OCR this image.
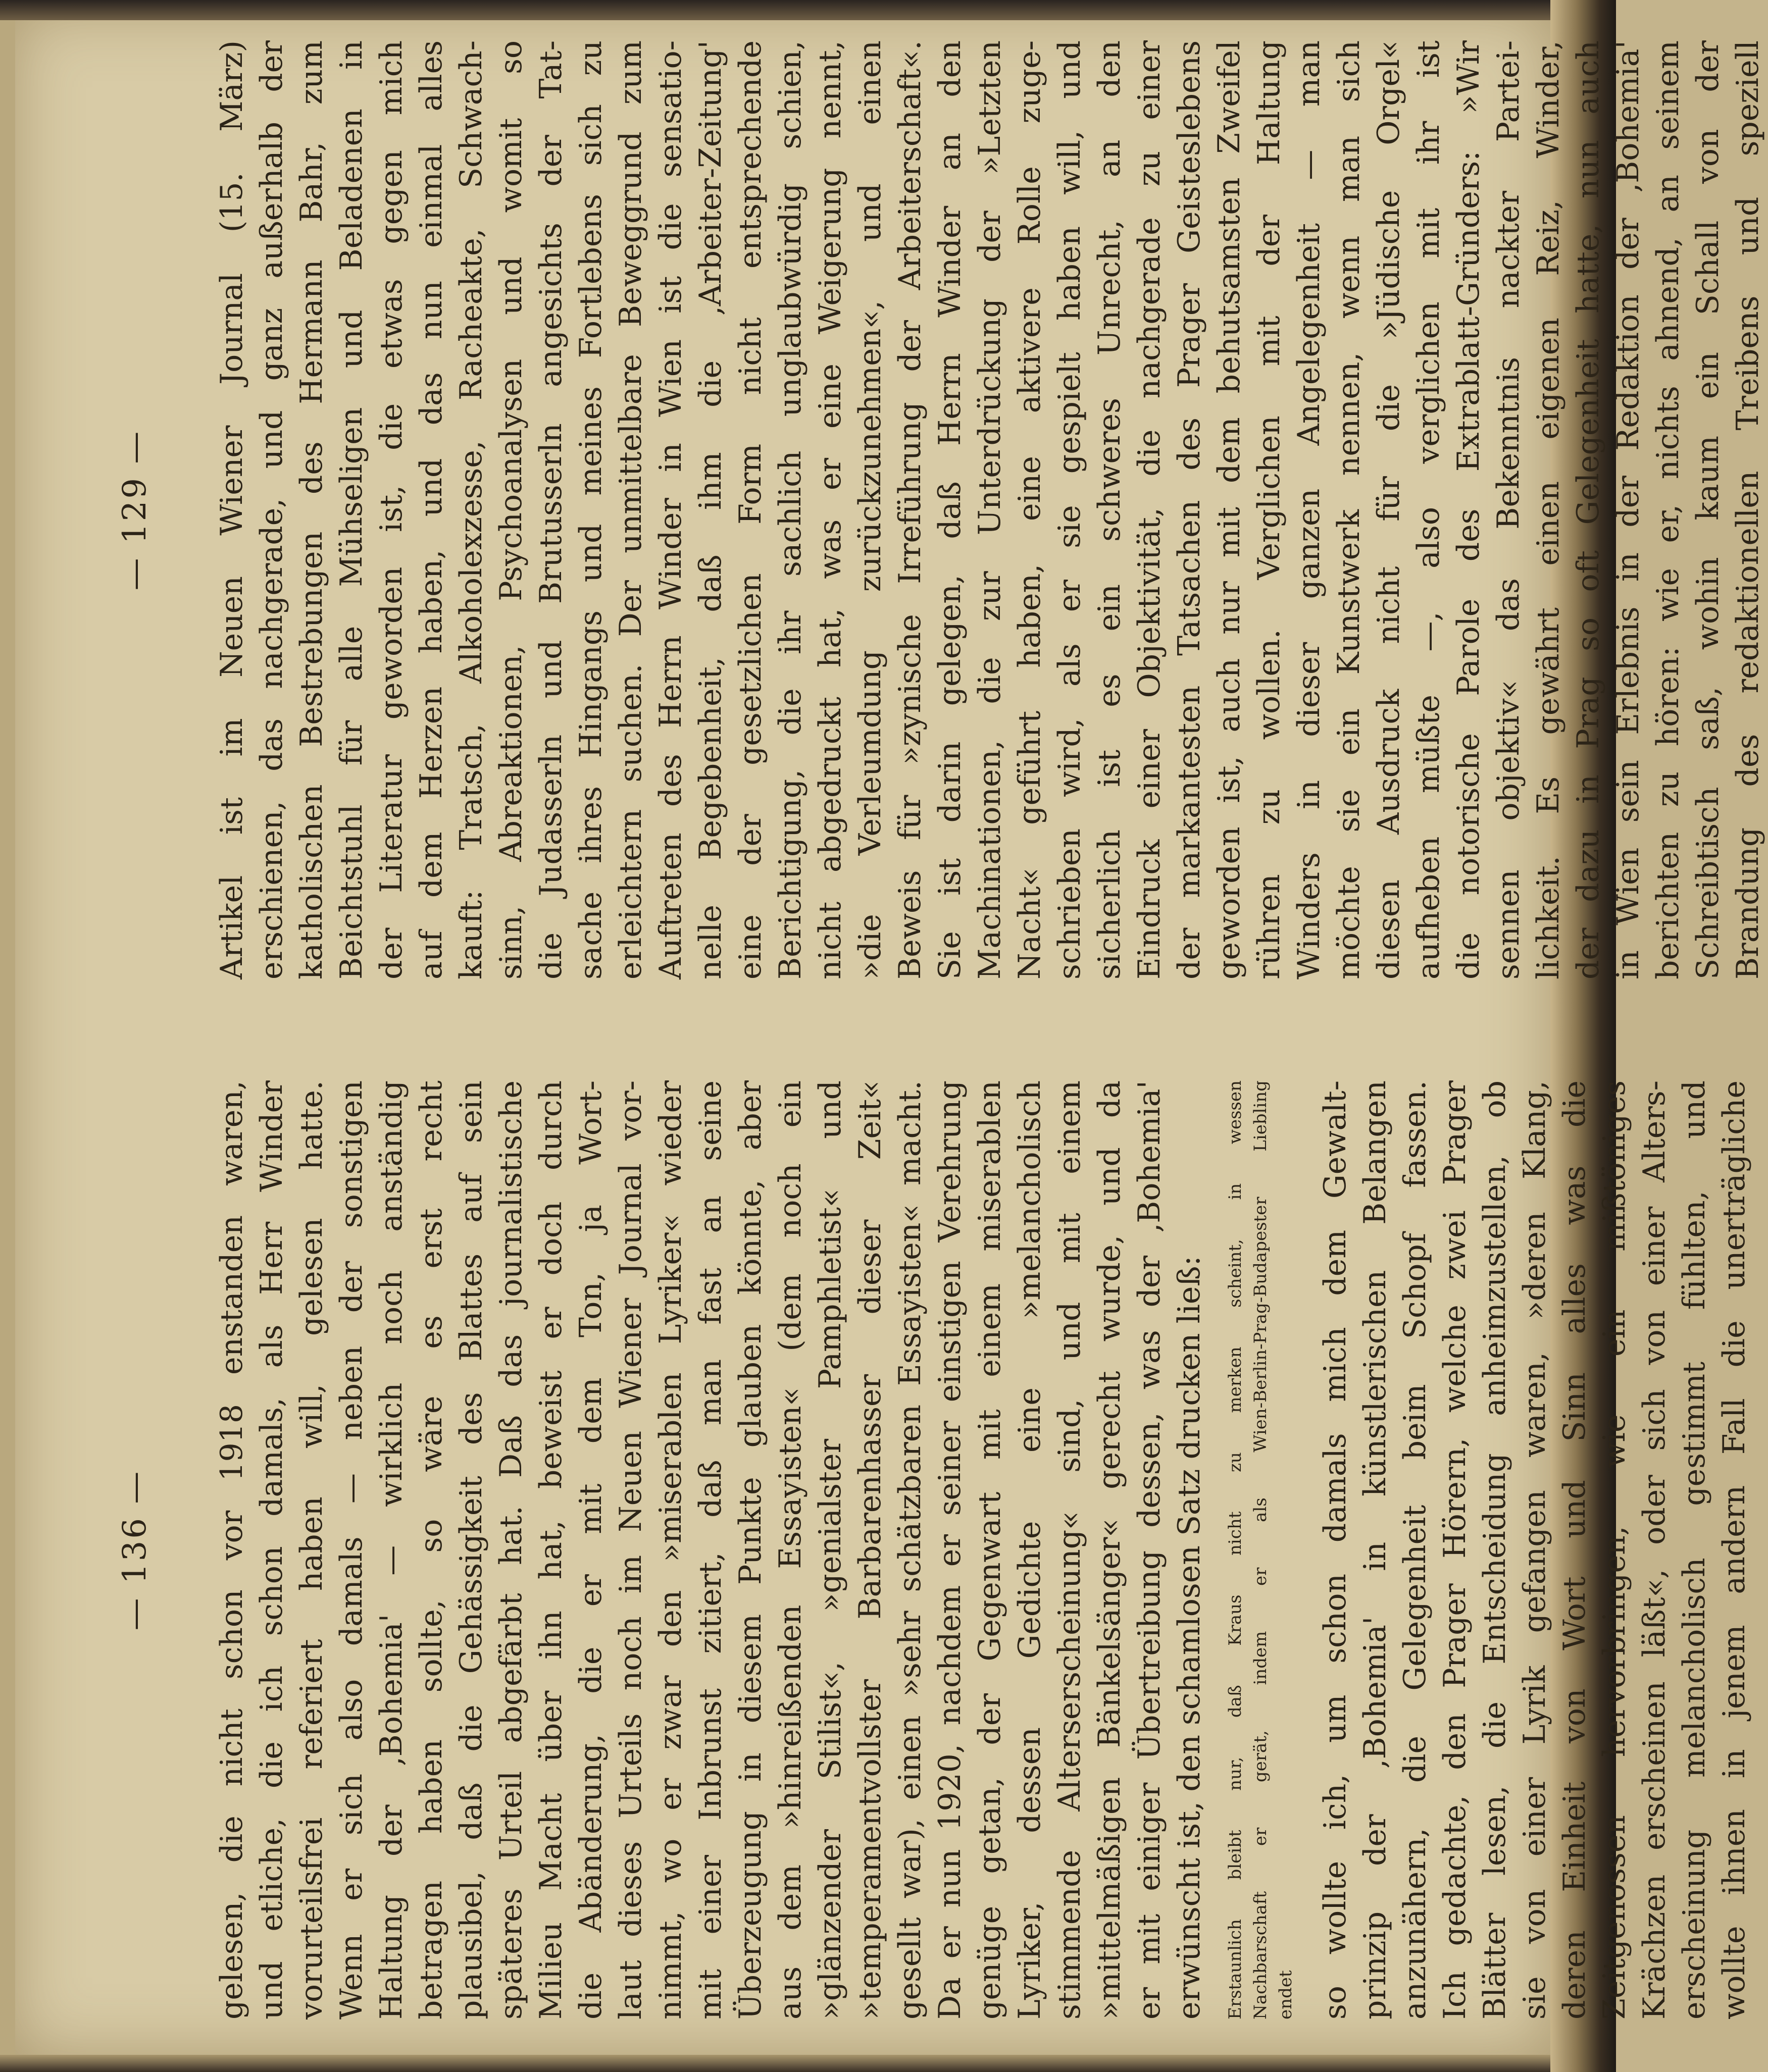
— 136 — gelesen, die nicht schon vor 1918 enstanden waren, und etliche, die ich schon damals, als Herr Winder vorurteilsfrei referiert haben will, gelesen hatte. Wenn er sich also damals — neben der sonstigen Haltung der ‚Bohemia' — wirklich noch anständig betragen haben sollte, so wäre es erst recht plausibel, daß die Gehässigkeit des Blattes auf sein späteres Urteil abgefärbt hat. Daß das journalistische Milieu Macht über ihn hat, beweist er doch durch die Abänderung, die er mit dem Ton, ja Wort- laut dieses Urteils noch im Neuen Wiener Journal vor- nimmt, wo er zwar den »miserablen Lyriker« wieder mit einer Inbrunst zitiert, daß man fast an seine Überzeugung in diesem Punkte glauben könnte, aber aus dem »hinreißenden Essayisten« (dem noch ein »glänzender Stilist«, »genialster Pamphletist« und »temperamentvollster Barbarenhasser dieser Zeit« gesellt war), einen »sehr schätzbaren Essayisten« macht. Da er nun 1920, nachdem er seiner einstigen Verehrung genüge getan, der Gegenwart mit einem miserablen Lyriker, dessen Gedichte eine »melancholisch stimmende Alterserscheinung« sind, und mit einem »mittelmäßigen Bänkelsänger« gerecht wurde, und da er mit einiger Übertreibung dessen, was der ‚Bohemia' erwünscht ist, den schamlosen Satz drucken ließ: Erstaunlich bleibt nur, daß Kraus nicht zu merken scheint, in wessen Nachbarschaft er gerät, indem er als Wien-Berlin-Prag-Budapester Liebling endet so wollte ich, um schon damals mich dem Gewalt- prinzip der ‚Bohemia' in künstlerischen Belangen anzunähern, die Gelegenheit beim Schopf fassen. Ich gedachte, den Prager Hörern, welche zwei Prager Blätter lesen, die Entscheidung anheimzustellen, ob sie von einer Lyrik gefangen waren, »deren Klang, deren Einheit von Wort und Sinn alles was die Zeitgenossen hervorbringen, wie ein mißtöniges Krächzen erscheinen läßt«, oder sich von einer Alters- erscheinung melancholisch gestimmt fühlten, und wollte ihnen in jenem andern Fall die unerträgliche
— 129 — Artikel ist im Neuen Wiener Journal (15. März) erschienen, das nachgerade, und ganz außerhalb der katholischen Bestrebungen des Hermann Bahr, zum Beichtstuhl für alle Mühseligen und Beladenen in der Literatur geworden ist, die etwas gegen mich auf dem Herzen haben, und das nun einmal alles kauft: Tratsch, Alkoholexzesse, Racheakte, Schwach- sinn, Abreaktionen, Psychoanalysen und womit so die Judasserln und Brutusserln angesichts der Tat- sache ihres Hingangs und meines Fortlebens sich zu erleichtern suchen. Der unmittelbare Beweggrund zum Auftreten des Herrn Winder in Wien ist die sensatio- nelle Begebenheit, daß ihm die ‚Arbeiter-Zeitung' eine der gesetzlichen Form nicht entsprechende Berichtigung, die ihr sachlich unglaubwürdig schien, nicht abgedruckt hat, was er eine Weigerung nennt, »die Verleumdung zurückzunehmen«, und einen Beweis für »zynische Irreführung der Arbeiterschaft«. Sie ist darin gelegen, daß Herrn Winder an den Machinationen, die zur Unterdrückung der »Letzten Nacht« geführt haben, eine aktivere Rolle zuge- schrieben wird, als er sie gespielt haben will, und sicherlich ist es ein schweres Unrecht, an den Eindruck einer Objektivität, die nachgerade zu einer der markantesten Tatsachen des Prager Geisteslebens geworden ist, auch nur mit dem behutsamsten Zweifel rühren zu wollen. Verglichen mit der Haltung Winders in dieser ganzen Angelegenheit — man möchte sie ein Kunstwerk nennen, wenn man sich diesen Ausdruck nicht für die »Jüdische Orgel« aufheben müßte —, also verglichen mit ihr ist die notorische Parole des Extrablatt-Gründers: »Wir sennen objektiv« das Bekenntnis nackter Partei- lichkeit. Es gewährt einen eigenen Reiz, Winder, der dazu in Prag so oft Gelegenheit hatte, nun auch in Wien sein Erlebnis in der Redaktion der ‚Bohemia' berichten zu hören: wie er, nichts ahnend, an seinem Schreibtisch saß, wohin kaum ein Schall von der Brandung des redaktionellen Treibens und speziell
